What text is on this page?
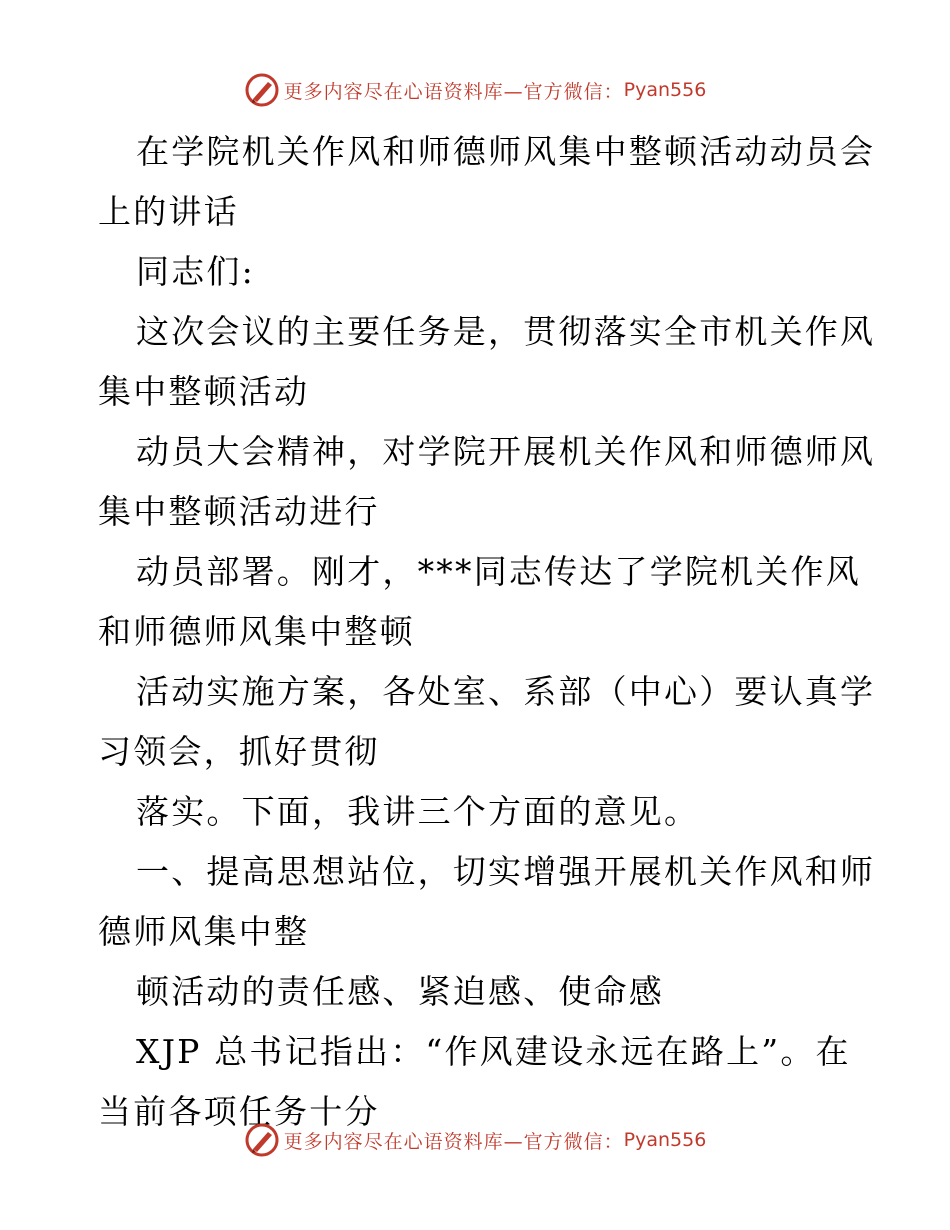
更多内容尽在心语资料库—官方微信： Pyan556

在学院机关作风和师德师风集中整顿活动动员会
上的讲话

同志们:

这次会议的主要任务是，贯彻落实全市机关作风
集中整顿活动

动员大会精神，对学院开展机关作风和师德师风
集中整顿活动进行

动员部署。刚才，***同志传达了学院机关作风
和师德师风集中整顿

活动实施方案，各处室、系部（中心）要认真学
习领会，抓好贯彻

落实。下面，我讲三个方面的意见。

一、提高思想站位，切实增强开展机关作风和师
德师风集中整

顿活动的责任感、紧迫感、使命感

XJP 总书记指出：“作风建设永远在路上”。在
当前各项任务十分

更多内容尽在心语资料库—官方微信： Pyan556
